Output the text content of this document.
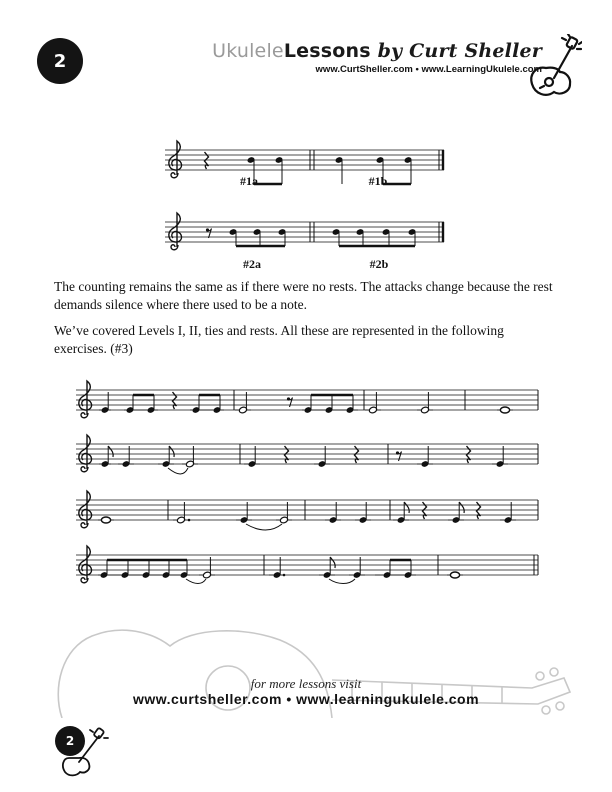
2	UkuleleLessons by Curt Sheller
www.CurtSheller.com • www.LearningUkulele.com
#1a	#1b
#2a	#2b
The counting remains the same as if there were no rests. The attacks change because the rest demands silence where there used to be a note.
We’ve covered Levels I, II, ties and rests. All these are represented in the following exercises. (#3)
for more lessons visit
www.curtsheller.com • www.learningukulele.com
2
